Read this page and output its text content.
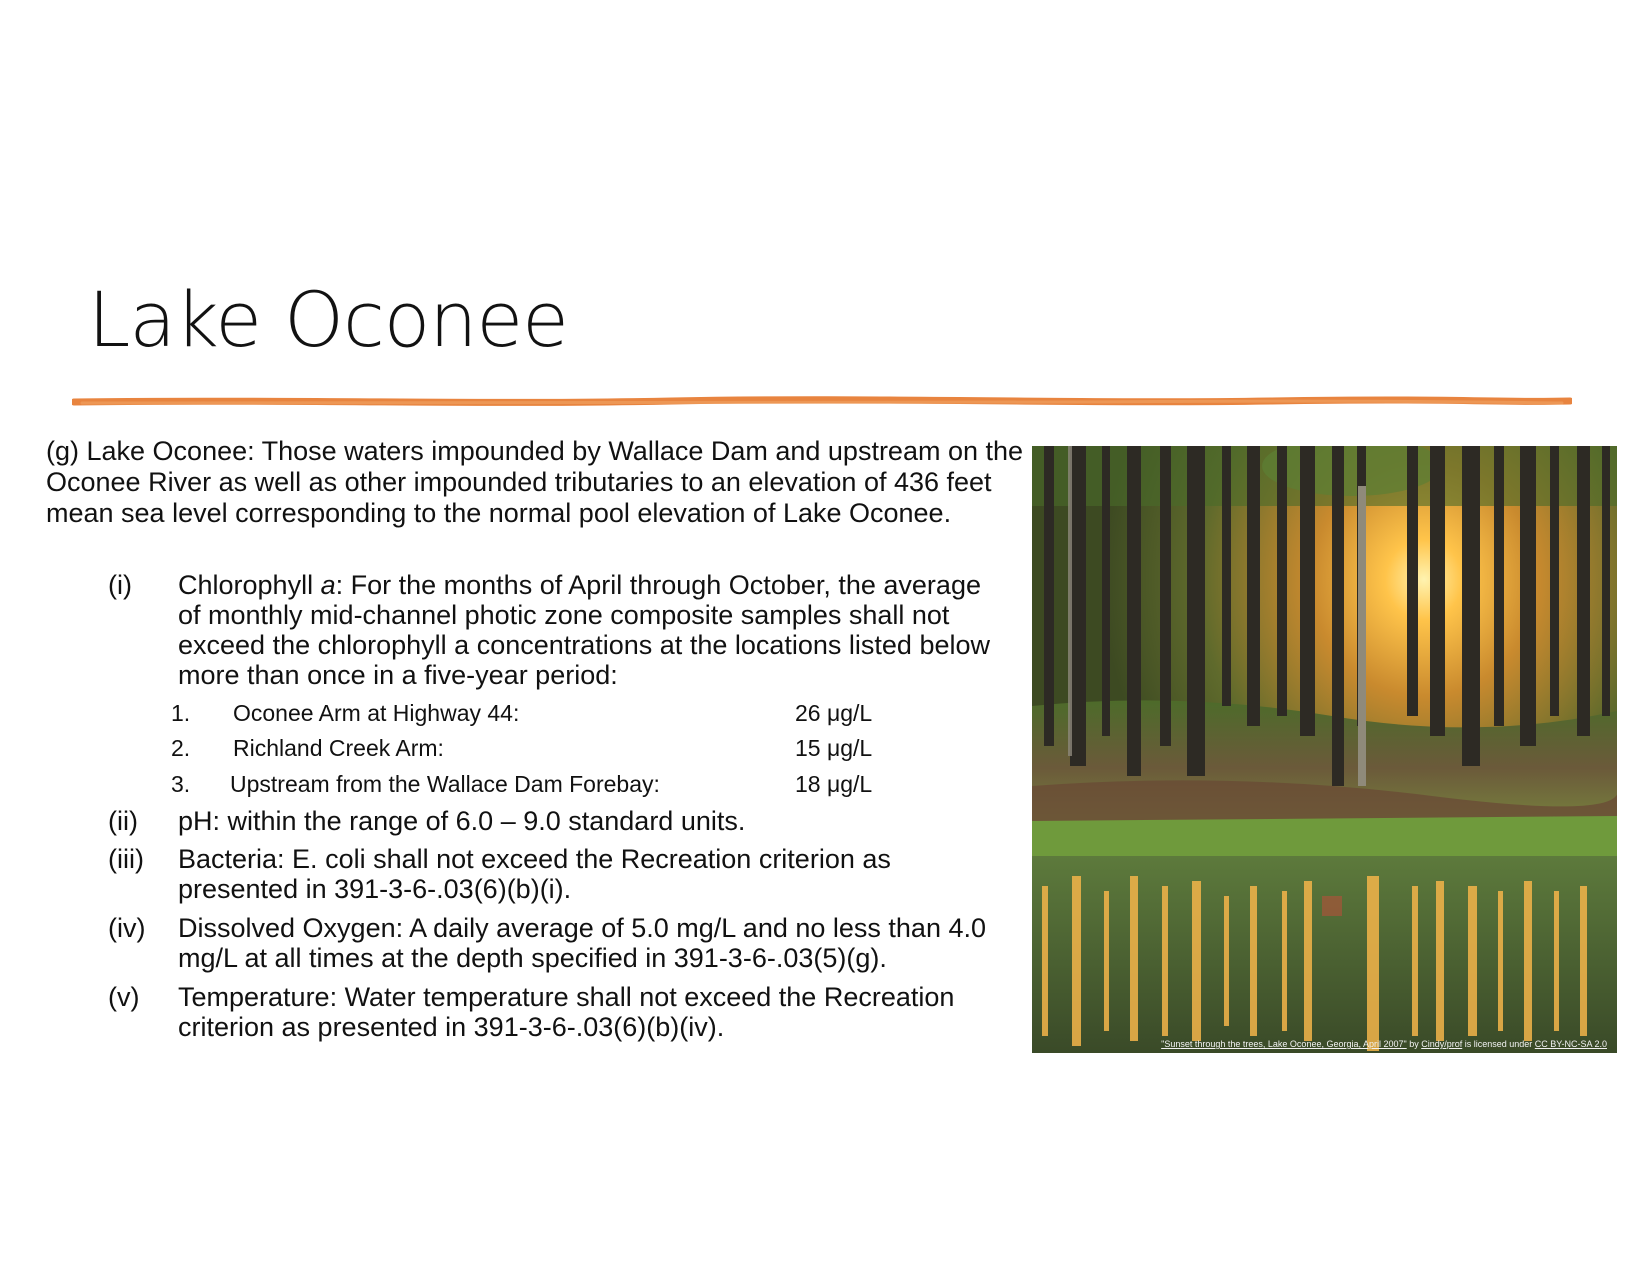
Lake Oconee

(g) Lake Oconee: Those waters impounded by Wallace Dam and upstream on the Oconee River as well as other impounded tributaries to an elevation of 436 feet mean sea level corresponding to the normal pool elevation of Lake Oconee.

(i) Chlorophyll a: For the months of April through October, the average of monthly mid-channel photic zone composite samples shall not exceed the chlorophyll a concentrations at the locations listed below more than once in a five-year period:
1. Oconee Arm at Highway 44:	26 μg/L
2. Richland Creek Arm:	15 μg/L
3. Upstream from the Wallace Dam Forebay:	18 μg/L
(ii) pH: within the range of 6.0 – 9.0 standard units.
(iii) Bacteria: E. coli shall not exceed the Recreation criterion as presented in 391-3-6-.03(6)(b)(i).
(iv) Dissolved Oxygen: A daily average of 5.0 mg/L and no less than 4.0 mg/L at all times at the depth specified in 391-3-6-.03(5)(g).
(v) Temperature: Water temperature shall not exceed the Recreation criterion as presented in 391-3-6-.03(6)(b)(iv).
"Sunset through the trees, Lake Oconee, Georgia, April 2007" by Cindy/prof is licensed under CC BY-NC-SA 2.0
